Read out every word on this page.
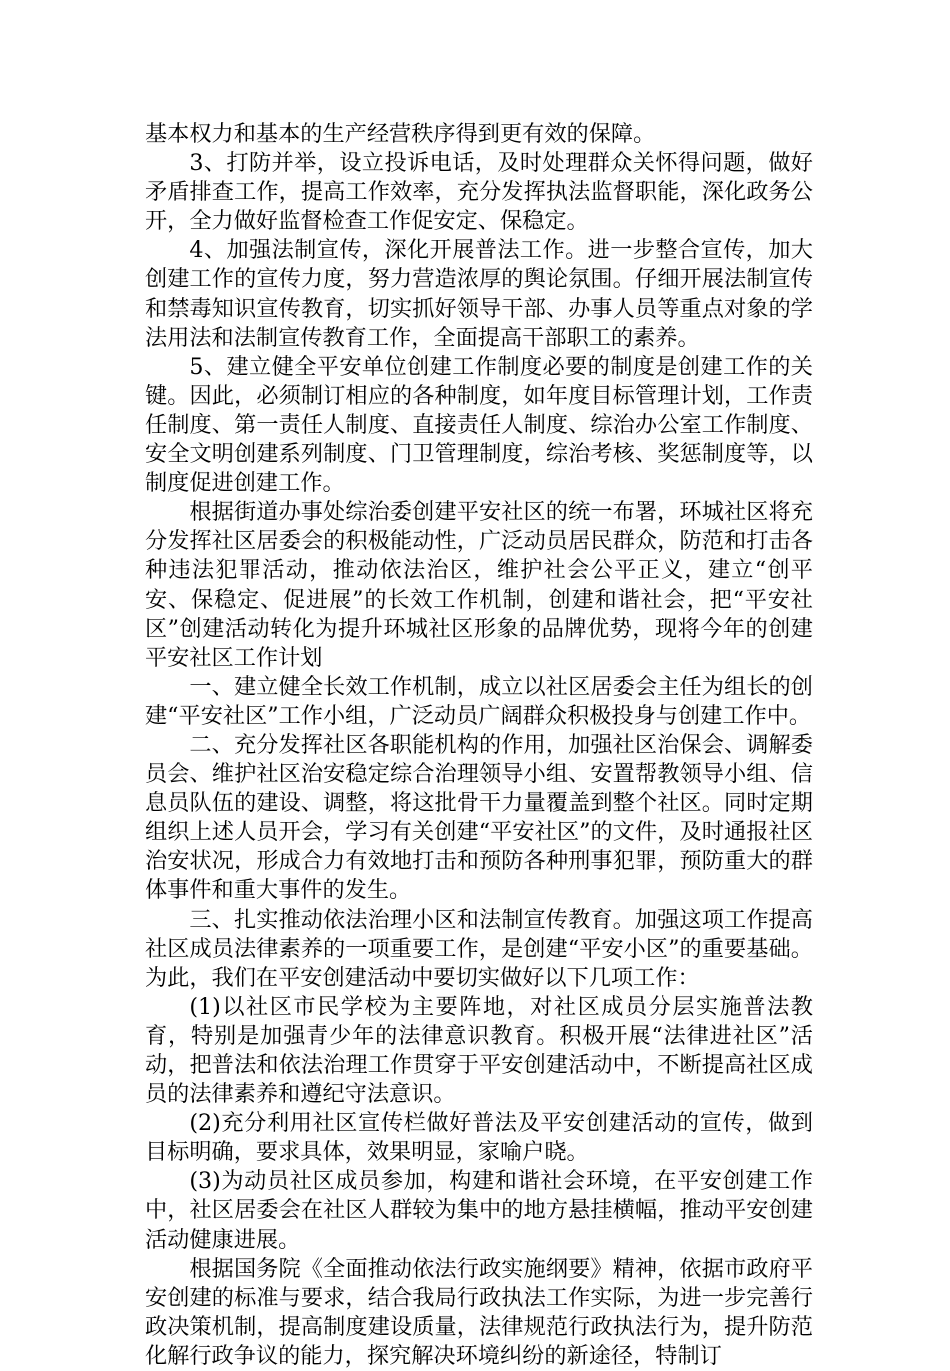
基本权力和基本的生产经营秩序得到更有效的保障。

3、打防并举，设立投诉电话，及时处理群众关怀得问题，做好矛盾排查工作，提高工作效率，充分发挥执法监督职能，深化政务公开，全力做好监督检查工作促安定、保稳定。

4、加强法制宣传，深化开展普法工作。进一步整合宣传，加大创建工作的宣传力度，努力营造浓厚的舆论氛围。仔细开展法制宣传和禁毒知识宣传教育，切实抓好领导干部、办事人员等重点对象的学法用法和法制宣传教育工作，全面提高干部职工的素养。

5、建立健全平安单位创建工作制度必要的制度是创建工作的关键。因此，必须制订相应的各种制度，如年度目标管理计划，工作责任制度、第一责任人制度、直接责任人制度、综治办公室工作制度、安全文明创建系列制度、门卫管理制度，综治考核、奖惩制度等，以制度促进创建工作。

根据街道办事处综治委创建平安社区的统一布署，环城社区将充分发挥社区居委会的积极能动性，广泛动员居民群众，防范和打击各种违法犯罪活动，推动依法治区，维护社会公平正义，建立“创平安、保稳定、促进展”的长效工作机制，创建和谐社会，把“平安社区”创建活动转化为提升环城社区形象的品牌优势，现将今年的创建平安社区工作计划

一、建立健全长效工作机制，成立以社区居委会主任为组长的创建“平安社区”工作小组，广泛动员广阔群众积极投身与创建工作中。

二、充分发挥社区各职能机构的作用，加强社区治保会、调解委员会、维护社区治安稳定综合治理领导小组、安置帮教领导小组、信息员队伍的建设、调整，将这批骨干力量覆盖到整个社区。同时定期组织上述人员开会，学习有关创建“平安社区”的文件，及时通报社区治安状况，形成合力有效地打击和预防各种刑事犯罪，预防重大的群体事件和重大事件的发生。

三、扎实推动依法治理小区和法制宣传教育。加强这项工作提高社区成员法律素养的一项重要工作，是创建“平安小区”的重要基础。为此，我们在平安创建活动中要切实做好以下几项工作：

(1)以社区市民学校为主要阵地，对社区成员分层实施普法教育，特别是加强青少年的法律意识教育。积极开展“法律进社区”活动，把普法和依法治理工作贯穿于平安创建活动中，不断提高社区成员的法律素养和遵纪守法意识。

(2)充分利用社区宣传栏做好普法及平安创建活动的宣传，做到目标明确，要求具体，效果明显，家喻户晓。

(3)为动员社区成员参加，构建和谐社会环境，在平安创建工作中，社区居委会在社区人群较为集中的地方悬挂横幅，推动平安创建活动健康进展。

根据国务院《全面推动依法行政实施纲要》精神，依据市政府平安创建的标准与要求，结合我局行政执法工作实际，为进一步完善行政决策机制，提高制度建设质量，法律规范行政执法行为，提升防范化解行政争议的能力，探究解决环境纠纷的新途径，特制订
